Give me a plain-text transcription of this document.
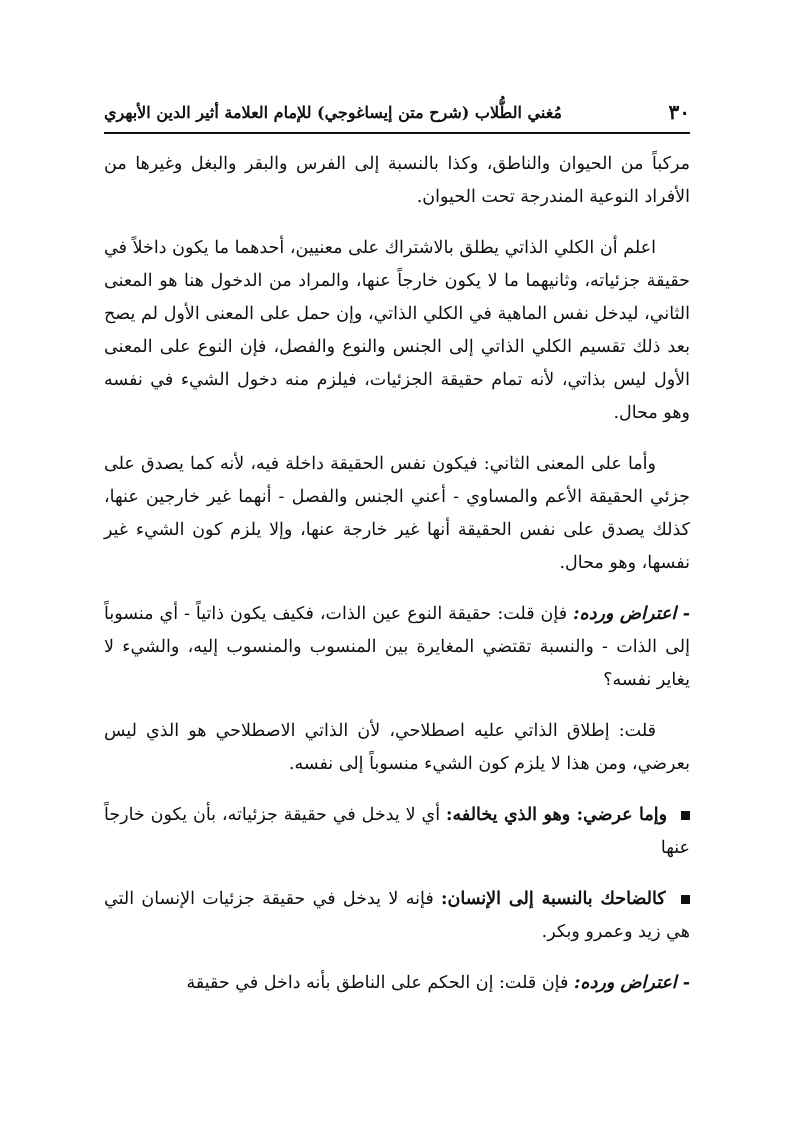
٣٠
مُغني الطُّلاب (شرح متن إيساغوجي) للإمام العلامة أثير الدين الأبهري

مركباً من الحيوان والناطق، وكذا بالنسبة إلى الفرس والبقر والبغل وغيرها من الأفراد النوعية المندرجة تحت الحيوان.

اعلم أن الكلي الذاتي يطلق بالاشتراك على معنيين، أحدهما ما يكون داخلاً في حقيقة جزئياته، وثانيهما ما لا يكون خارجاً عنها، والمراد من الدخول هنا هو المعنى الثاني، ليدخل نفس الماهية في الكلي الذاتي، وإن حمل على المعنى الأول لم يصح بعد ذلك تقسيم الكلي الذاتي إلى الجنس والنوع والفصل، فإن النوع على المعنى الأول ليس بذاتي، لأنه تمام حقيقة الجزئيات، فيلزم منه دخول الشيء في نفسه وهو محال.

وأما على المعنى الثاني: فيكون نفس الحقيقة داخلة فيه، لأنه كما يصدق على جزئي الحقيقة الأعم والمساوي - أعني الجنس والفصل - أنهما غير خارجين عنها، كذلك يصدق على نفس الحقيقة أنها غير خارجة عنها، وإلا يلزم كون الشيء غير نفسها، وهو محال.

- اعتراض ورده: فإن قلت: حقيقة النوع عين الذات، فكيف يكون ذاتياً - أي منسوباً إلى الذات - والنسبة تقتضي المغايرة بين المنسوب والمنسوب إليه، والشيء لا يغاير نفسه؟

قلت: إطلاق الذاتي عليه اصطلاحي، لأن الذاتي الاصطلاحي هو الذي ليس بعرضي، ومن هذا لا يلزم كون الشيء منسوباً إلى نفسه.

وإما عرضي: وهو الذي يخالفه: أي لا يدخل في حقيقة جزئياته، بأن يكون خارجاً عنها

كالضاحك بالنسبة إلى الإنسان: فإنه لا يدخل في حقيقة جزئيات الإنسان التي هي زيد وعمرو وبكر.

- اعتراض ورده: فإن قلت: إن الحكم على الناطق بأنه داخل في حقيقة
